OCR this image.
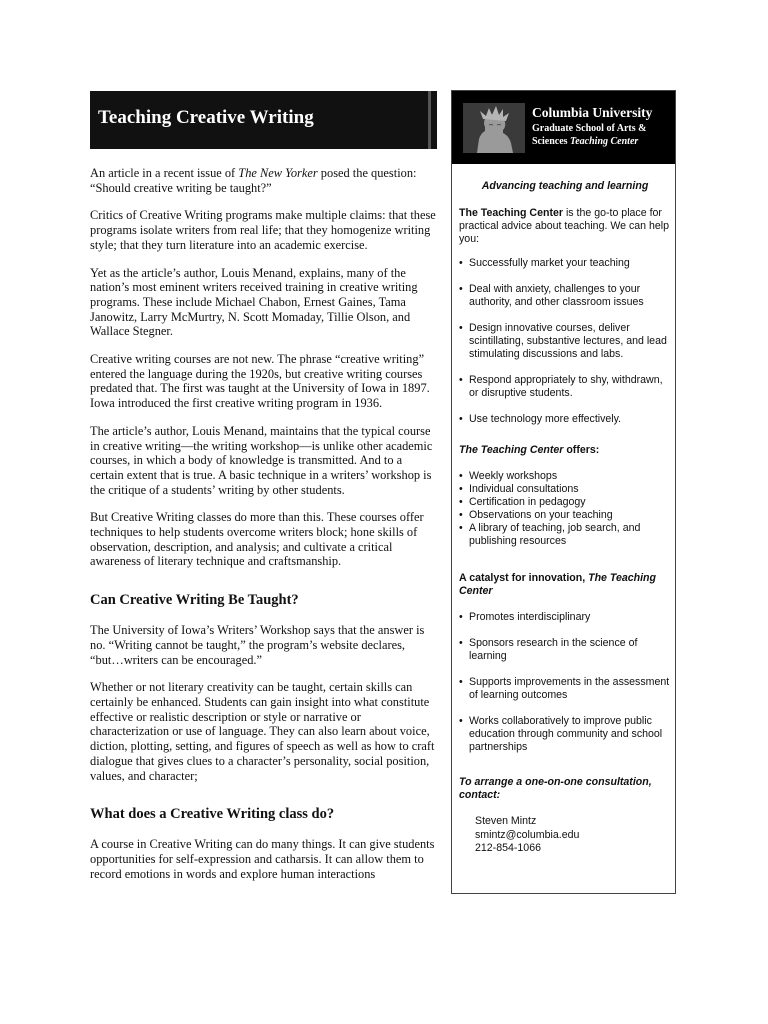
Teaching Creative Writing

An article in a recent issue of The New Yorker posed the question: “Should creative writing be taught?”

Critics of Creative Writing programs make multiple claims: that these programs isolate writers from real life; that they homogenize writing style; that they turn literature into an academic exercise.

Yet as the article’s author, Louis Menand, explains, many of the nation’s most eminent writers received training in creative writing programs. These include Michael Chabon, Ernest Gaines, Tama Janowitz, Larry McMurtry, N. Scott Momaday, Tillie Olson, and Wallace Stegner.

Creative writing courses are not new. The phrase “creative writing” entered the language during the 1920s, but creative writing courses predated that. The first was taught at the University of Iowa in 1897. Iowa introduced the first creative writing program in 1936.

The article’s author, Louis Menand, maintains that the typical course in creative writing—the writing workshop—is unlike other academic courses, in which a body of knowledge is transmitted. And to a certain extent that is true. A basic technique in a writers’ workshop is the critique of a students’ writing by other students.

But Creative Writing classes do more than this. These courses offer techniques to help students overcome writers block; hone skills of observation, description, and analysis; and cultivate a critical awareness of literary technique and craftsmanship.

Can Creative Writing Be Taught?

The University of Iowa’s Writers’ Workshop says that the answer is no. “Writing cannot be taught,” the program’s website declares, “but…writers can be encouraged.”

Whether or not literary creativity can be taught, certain skills can certainly be enhanced. Students can gain insight into what constitute effective or realistic description or style or narrative or characterization or use of language. They can also learn about voice, diction, plotting, setting, and figures of speech as well as how to craft dialogue that gives clues to a character’s personality, social position, values, and character;

What does a Creative Writing class do?

A course in Creative Writing can do many things. It can give students opportunities for self-expression and catharsis. It can allow them to record emotions in words and explore human interactions

Columbia University
Graduate School of Arts &
Sciences Teaching Center

Advancing teaching and learning

The Teaching Center is the go-to place for practical advice about teaching. We can help you:

• Successfully market your teaching
• Deal with anxiety, challenges to your authority, and other classroom issues
• Design innovative courses, deliver scintillating, substantive lectures, and lead stimulating discussions and labs.
• Respond appropriately to shy, withdrawn, or disruptive students.
• Use technology more effectively.
The Teaching Center offers:
• Weekly workshops
• Individual consultations
• Certification in pedagogy
• Observations on your teaching
• A library of teaching, job search, and publishing resources
A catalyst for innovation, The Teaching Center
• Promotes interdisciplinary
• Sponsors research in the science of learning
• Supports improvements in the assessment of learning outcomes
• Works collaboratively to improve public education through community and school partnerships
To arrange a one-on-one consultation, contact:
Steven Mintz
smintz@columbia.edu
212-854-1066
